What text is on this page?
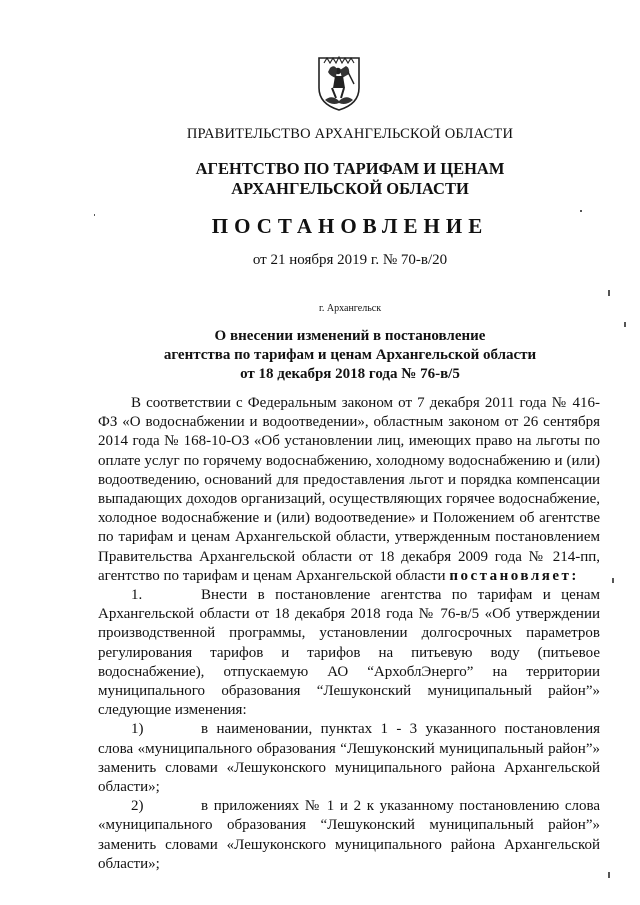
ПРАВИТЕЛЬСТВО АРХАНГЕЛЬСКОЙ ОБЛАСТИ
АГЕНТСТВО ПО ТАРИФАМ И ЦЕНАМ
АРХАНГЕЛЬСКОЙ ОБЛАСТИ
ПОСТАНОВЛЕНИЕ
от 21 ноября 2019 г. № 70-в/20
г. Архангельск
О внесении изменений в постановление
агентства по тарифам и ценам Архангельской области
от 18 декабря 2018 года № 76-в/5

В соответствии с Федеральным законом от 7 декабря 2011 года № 416-ФЗ «О водоснабжении и водоотведении», областным законом от 26 сентября 2014 года № 168-10-ОЗ «Об установлении лиц, имеющих право на льготы по оплате услуг по горячему водоснабжению, холодному водоснабжению и (или) водоотведению, оснований для предоставления льгот и порядка компенсации выпадающих доходов организаций, осуществляющих горячее водоснабжение, холодное водоснабжение и (или) водоотведение» и Положением об агентстве по тарифам и ценам Архангельской области, утвержденным постановлением Правительства Архангельской области от 18 декабря 2009 года № 214-пп, агентство по тарифам и ценам Архангельской области постановляет:

1.	Внести в постановление агентства по тарифам и ценам Архангельской области от 18 декабря 2018 года № 76-в/5 «Об утверждении производственной программы, установлении долгосрочных параметров регулирования тарифов и тарифов на питьевую воду (питьевое водоснабжение), отпускаемую АО “АрхоблЭнерго” на территории муниципального образования “Лешуконский муниципальный район”» следующие изменения:

1)	в наименовании, пунктах 1 - 3 указанного постановления слова «муниципального образования “Лешуконский муниципальный район”» заменить словами «Лешуконского муниципального района Архангельской области»;

2)	в приложениях № 1 и 2 к указанному постановлению слова «муниципального образования “Лешуконский муниципальный район”» заменить словами «Лешуконского муниципального района Архангельской области»;
